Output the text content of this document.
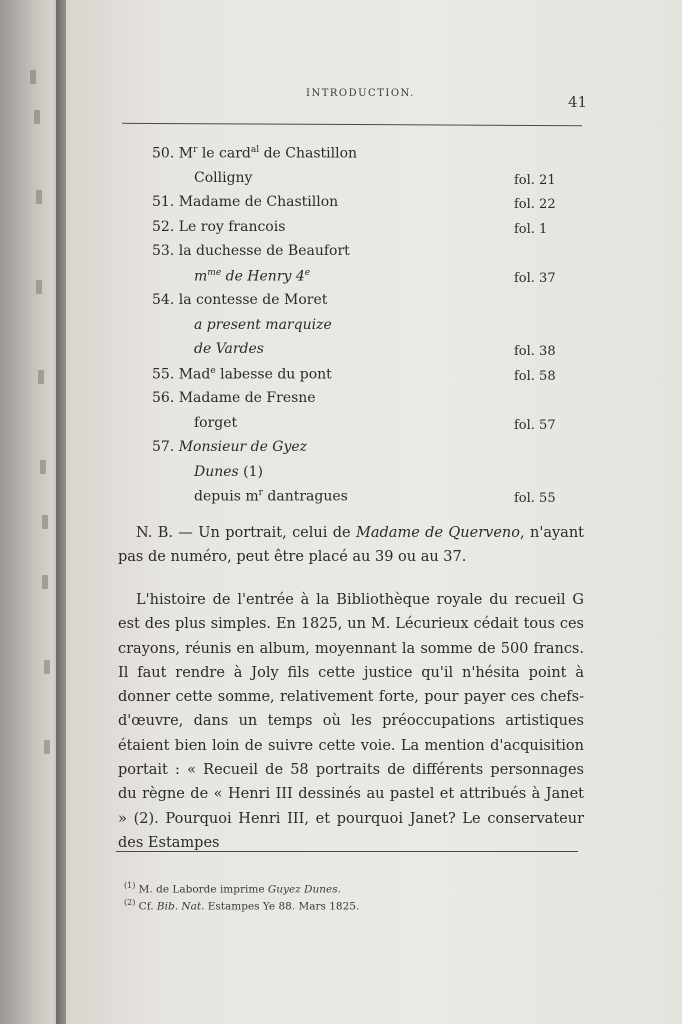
INTRODUCTION.	41
50. $M^r$ le card$^{al}$ de Chastillon
Colligny	fol. 21
51. Madame de Chastillon	fol. 22
52. Le roy francois	fol. 1
53. la duchesse de Beaufort
$m^{me}$ de Henry 4e	fol. 37
54. la contesse de Moret
a present marquize
de Vardes	fol. 38
55. Mad$^e$ labesse du pont	fol. 58
56. Madame de Fresne
forget	fol. 57
57. Monsieur de Gyez
Dunes (1)
depuis $m^r$ dantragues	fol. 55

N. B. — Un portrait, celui de Madame de Querveno, n'ayant pas de numéro, peut être placé au 39 ou au 37.

L'histoire de l'entrée à la Bibliothèque royale du recueil G est des plus simples. En 1825, un M. Lécurieux cédait tous ces crayons, réunis en album, moyennant la somme de 500 francs. Il faut rendre à Joly fils cette justice qu'il n'hésita point à donner cette somme, relativement forte, pour payer ces chefs-d'œuvre, dans un temps où les préoccupations artistiques étaient bien loin de suivre cette voie. La mention d'acquisition portait : « Recueil de 58 portraits de différents personnages du règne de « Henri III dessinés au pastel et attribués à Janet » (2). Pourquoi Henri III, et pourquoi Janet? Le conservateur des Estampes

$^{(1)}$ M. de Laborde imprime Guyez Dunes.
$^{(2)}$ Cf. Bib. Nat. Estampes Ye 88. Mars 1825.
